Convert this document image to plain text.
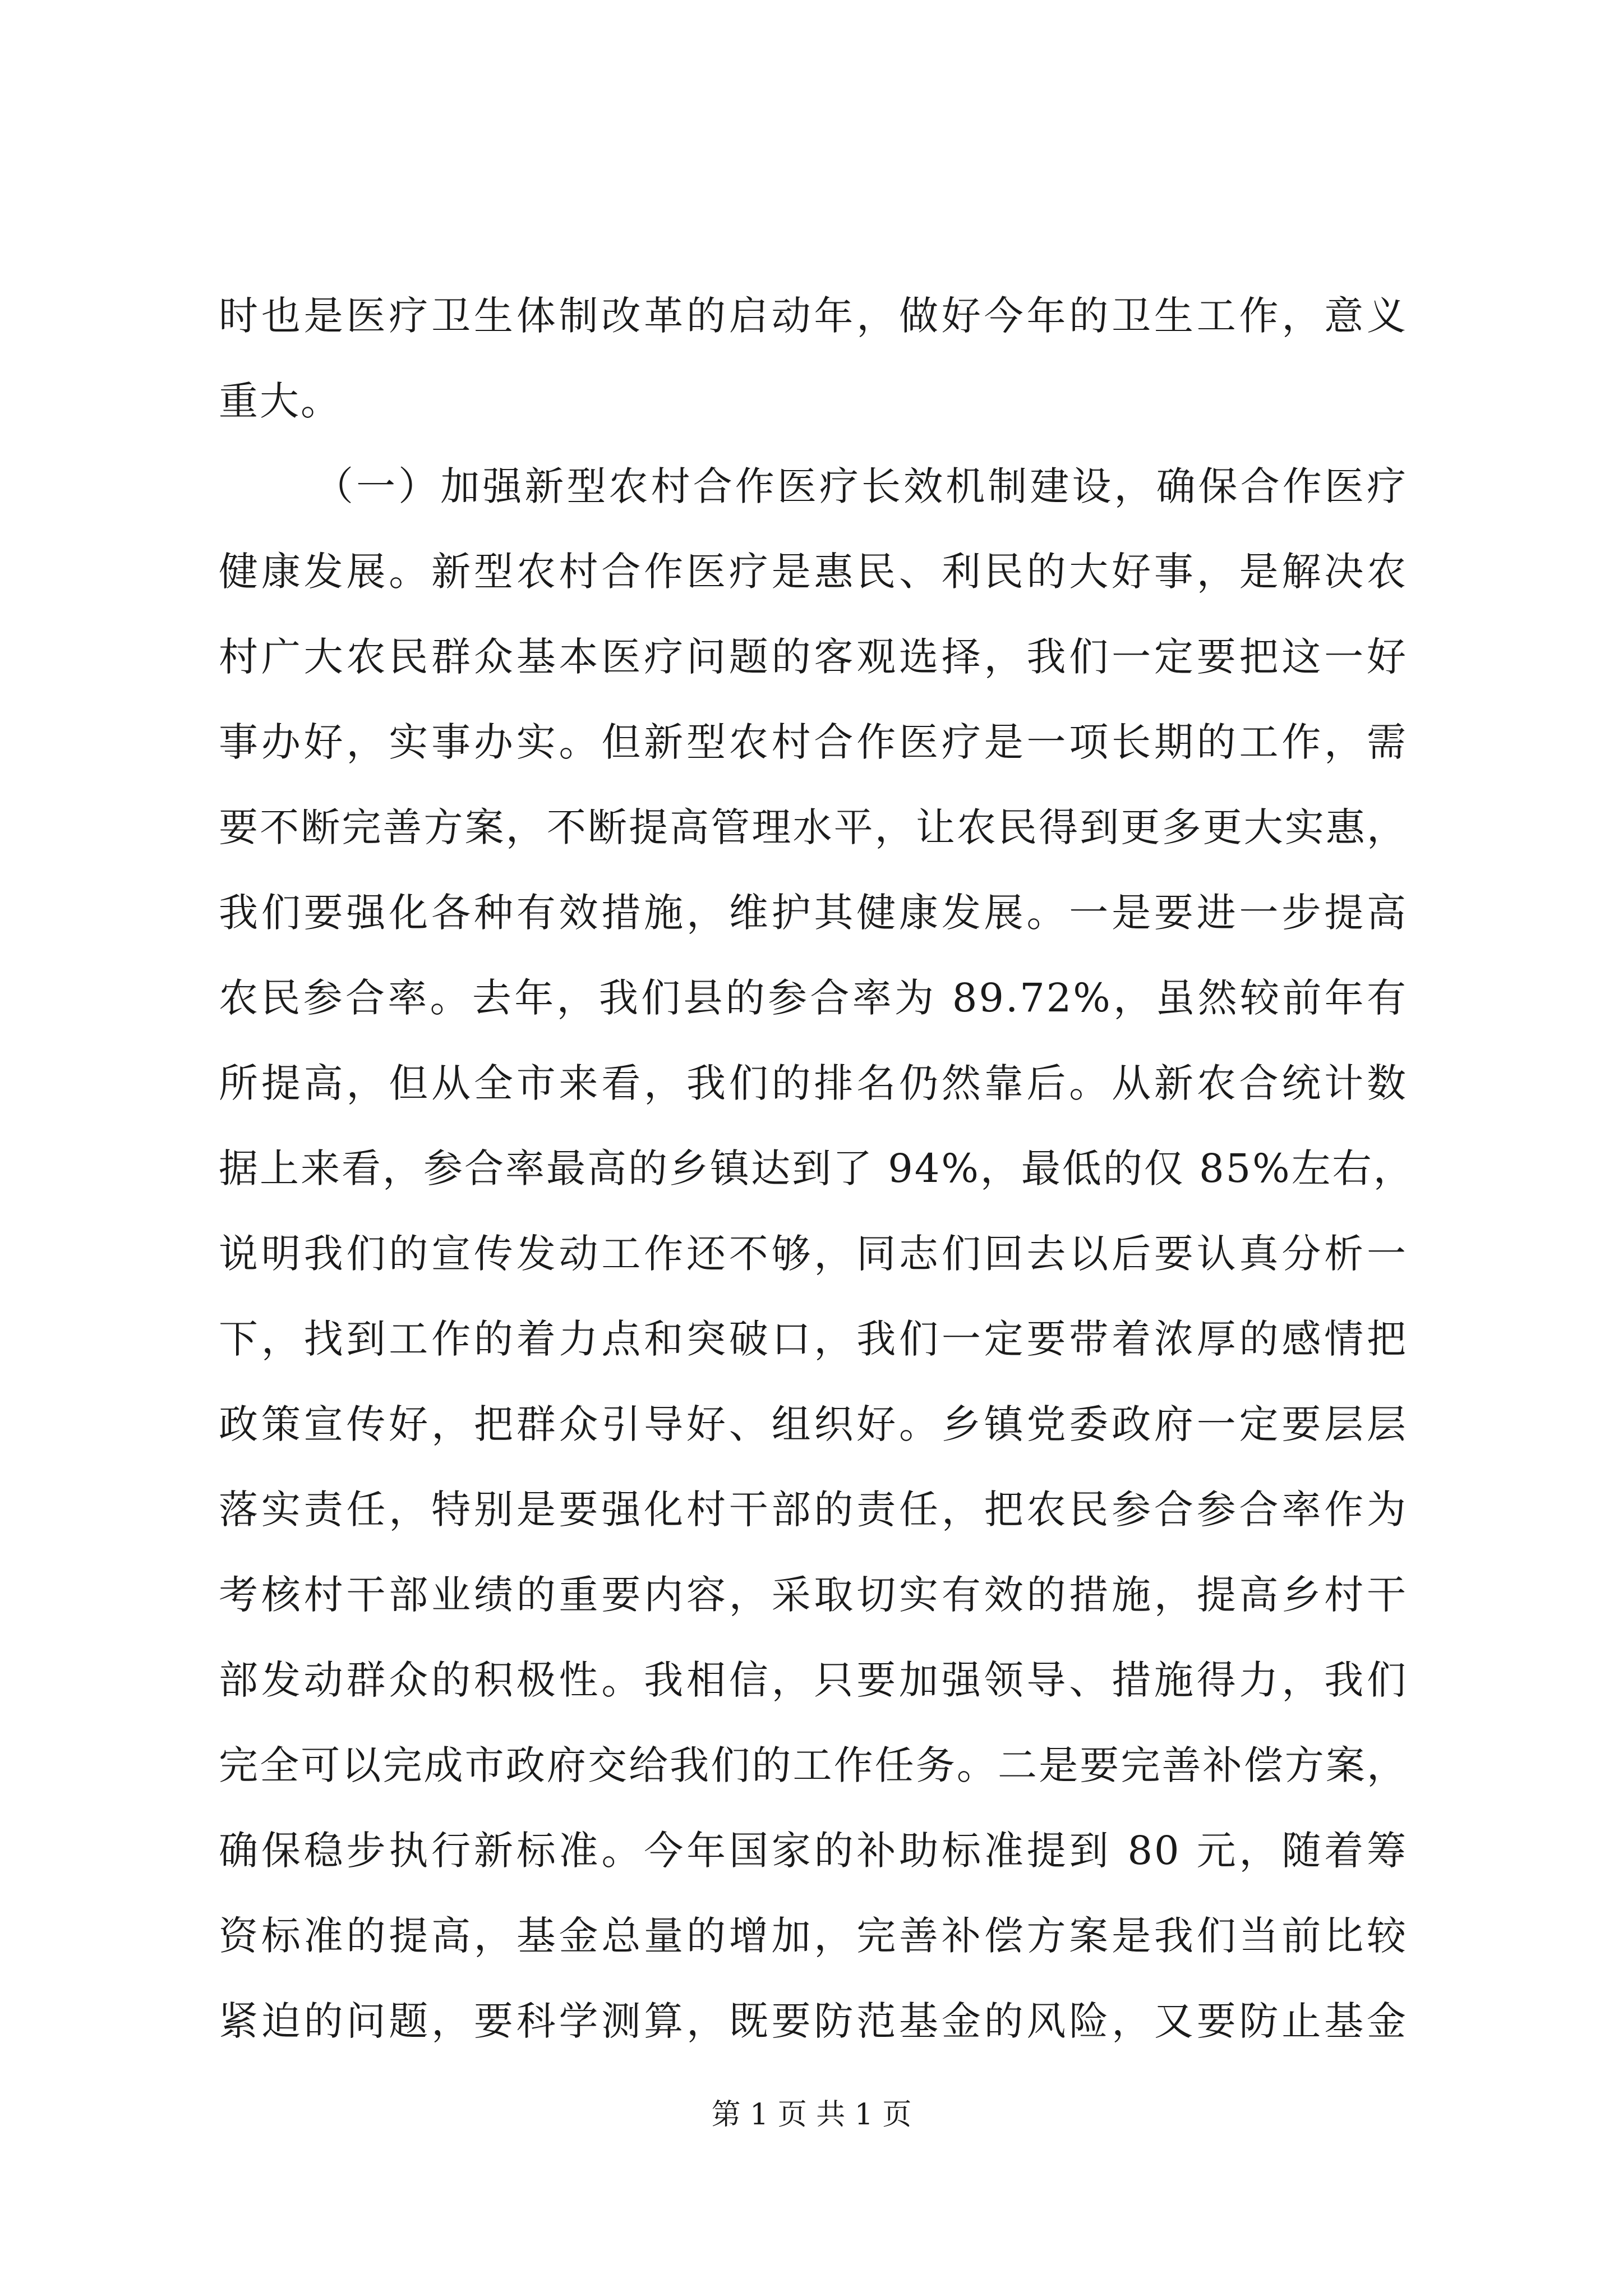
时也是医疗卫生体制改革的启动年，做好今年的卫生工作，意义

重大。

（一）加强新型农村合作医疗长效机制建设，确保合作医疗

健康发展。新型农村合作医疗是惠民、利民的大好事，是解决农

村广大农民群众基本医疗问题的客观选择，我们一定要把这一好

事办好，实事办实。但新型农村合作医疗是一项长期的工作，需

要不断完善方案，不断提高管理水平，让农民得到更多更大实惠，

我们要强化各种有效措施，维护其健康发展。一是要进一步提高

农民参合率。去年，我们县的参合率为 89.72%，虽然较前年有

所提高，但从全市来看，我们的排名仍然靠后。从新农合统计数

据上来看，参合率最高的乡镇达到了 94%，最低的仅 85%左右，

说明我们的宣传发动工作还不够，同志们回去以后要认真分析一

下，找到工作的着力点和突破口，我们一定要带着浓厚的感情把

政策宣传好，把群众引导好、组织好。乡镇党委政府一定要层层

落实责任，特别是要强化村干部的责任，把农民参合参合率作为

考核村干部业绩的重要内容，采取切实有效的措施，提高乡村干

部发动群众的积极性。我相信，只要加强领导、措施得力，我们

完全可以完成市政府交给我们的工作任务。二是要完善补偿方案，

确保稳步执行新标准。今年国家的补助标准提到 80 元，随着筹

资标准的提高，基金总量的增加，完善补偿方案是我们当前比较

紧迫的问题，要科学测算，既要防范基金的风险，又要防止基金

第 1 页 共 1 页
